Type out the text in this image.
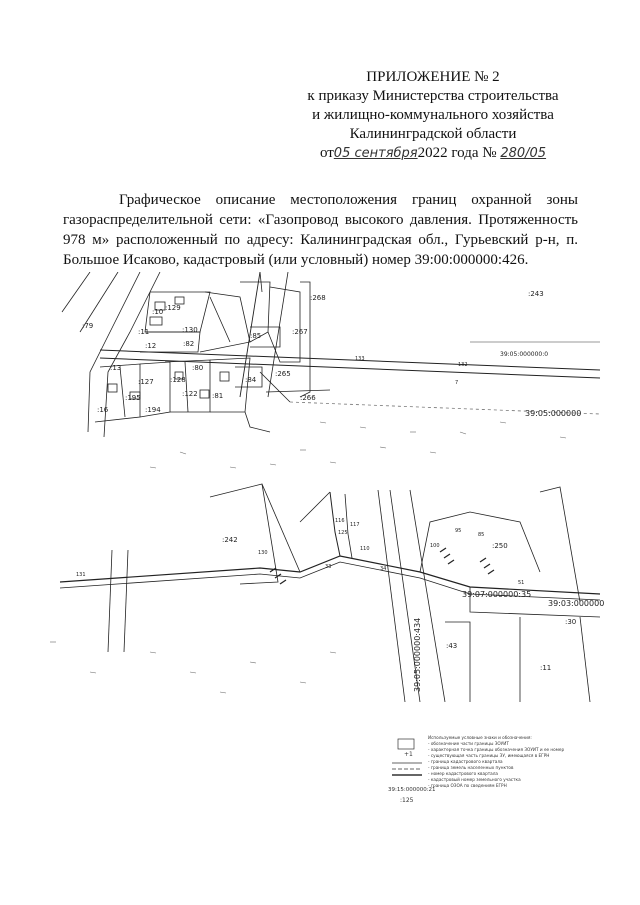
ПРИЛОЖЕНИЕ № 2
к приказу Министерства строительства
и жилищно-коммунального хозяйства
Калининградской области
от05 сентября2022 года № 280/05
Графическое описание местоположения границ охранной зоны газораспределительной сети: «Газопровод высокого давления. Протяженность 978 м» расположенный по адресу: Калининградская обл., Гурьевский р-н, п. Большое Исаково, кадастровый (или условный) номер 39:00:000000:426.
:268
:267
:243
:265
:266
:84
:85
:82
:81
:129
:130
:10
:11
:12
:13
:127 :128
:122
:195
:194
:16
:79
:80
133
132
7
39:05:000000:0
39:05:000000
:242
:250
:30
:43
:11
39:07:000000:35
39:03:000000
39:05:000000:434
131
130
33	34
110
116
117
125
100
95
85
51
+1
39:15:000000:21
:125
Используемые условные знаки и обозначения:
- обозначение части границы ЗОУИТ
- характерная точка границы обозначения ЗОУИТ и ее номер
- существующая часть границы ЗУ, имеющаяся в ЕГРН
- граница кадастрового квартала
- граница земель населенных пунктов
- номер кадастрового квартала
- кадастровый номер земельного участка
- граница ОЗОА по сведениям ЕГРН
